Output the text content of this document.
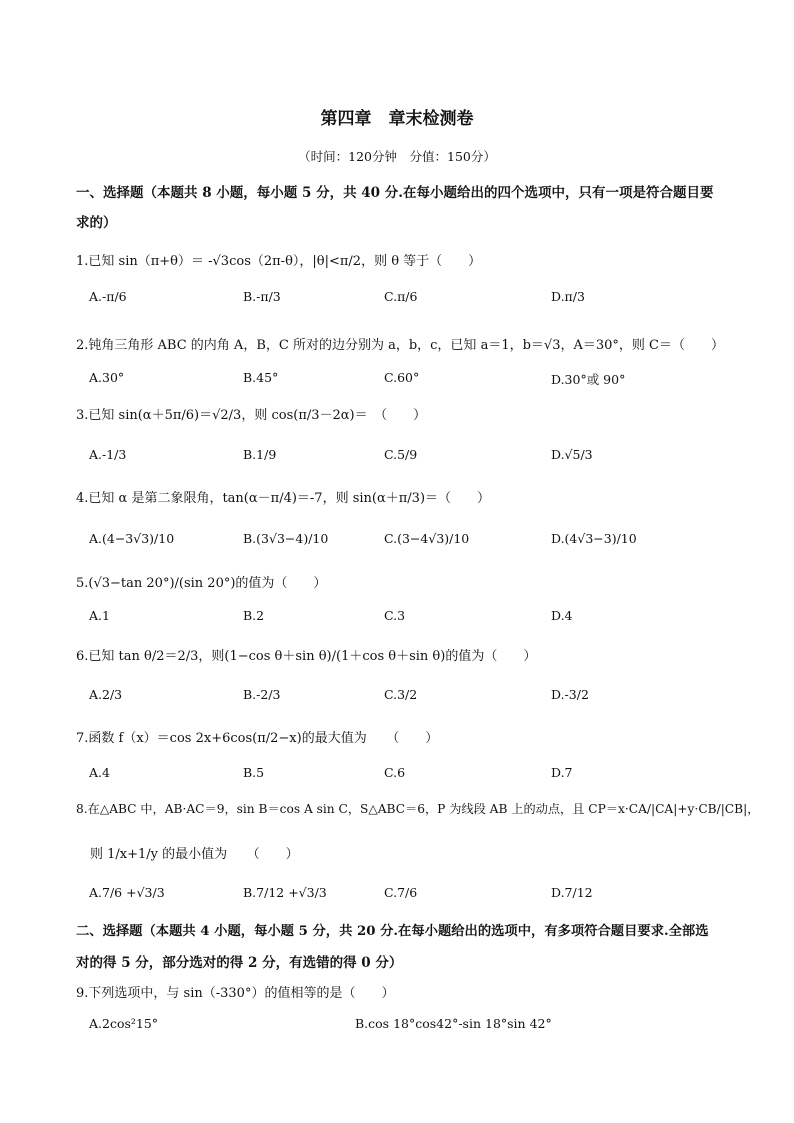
第四章　章末检测卷
（时间：120分钟　分值：150分）
一、选择题（本题共 8 小题，每小题 5 分，共 40 分.在每小题给出的四个选项中，只有一项是符合题目要
求的）
1.已知 sin（π+θ）＝ -√3cos（2π-θ），|θ|<π/2，则 θ 等于（　　）
A.-π/6	B.-π/3	C.π/6	D.π/3
2.钝角三角形 ABC 的内角 A，B，C 所对的边分别为 a，b，c，已知 a＝1，b＝√3，A＝30°，则 C＝（　　）
A.30°	B.45°	C.60°	D.30°或 90°
3.已知 sin(α＋5π/6)＝√2/3，则 cos(π/3－2α)＝　（　　）
A.-1/3	B.1/9	C.5/9	D.√5/3
4.已知 α 是第二象限角，tan(α－π/4)＝-7，则 sin(α＋π/3)＝（　　）
A.(4−3√3)/10	B.(3√3−4)/10	C.(3−4√3)/10	D.(4√3−3)/10
5.(√3−tan 20°)/(sin 20°)的值为（　　）
A.1	B.2	C.3	D.4
6.已知 tan θ/2＝2/3，则(1−cos θ＋sin θ)/(1＋cos θ＋sin θ)的值为（　　）
A.2/3	B.-2/3	C.3/2	D.-3/2
7.函数 f（x）＝cos 2x+6cos(π/2−x)的最大值为　　（　　）
A.4	B.5	C.6	D.7
8.在△ABC 中，AB·AC＝9，sin B＝cos A sin C，S△ABC＝6，P 为线段 AB 上的动点，且 CP＝x·CA/|CA|+y·CB/|CB|，
则 1/x+1/y 的最小值为　　（　　）
A.7/6 +√3/3	B.7/12 +√3/3	C.7/6	D.7/12
二、选择题（本题共 4 小题，每小题 5 分，共 20 分.在每小题给出的选项中，有多项符合题目要求.全部选
对的得 5 分，部分选对的得 2 分，有选错的得 0 分）
9.下列选项中，与 sin（-330°）的值相等的是（　　）
A.2cos²15°	B.cos 18°cos42°-sin 18°sin 42°
